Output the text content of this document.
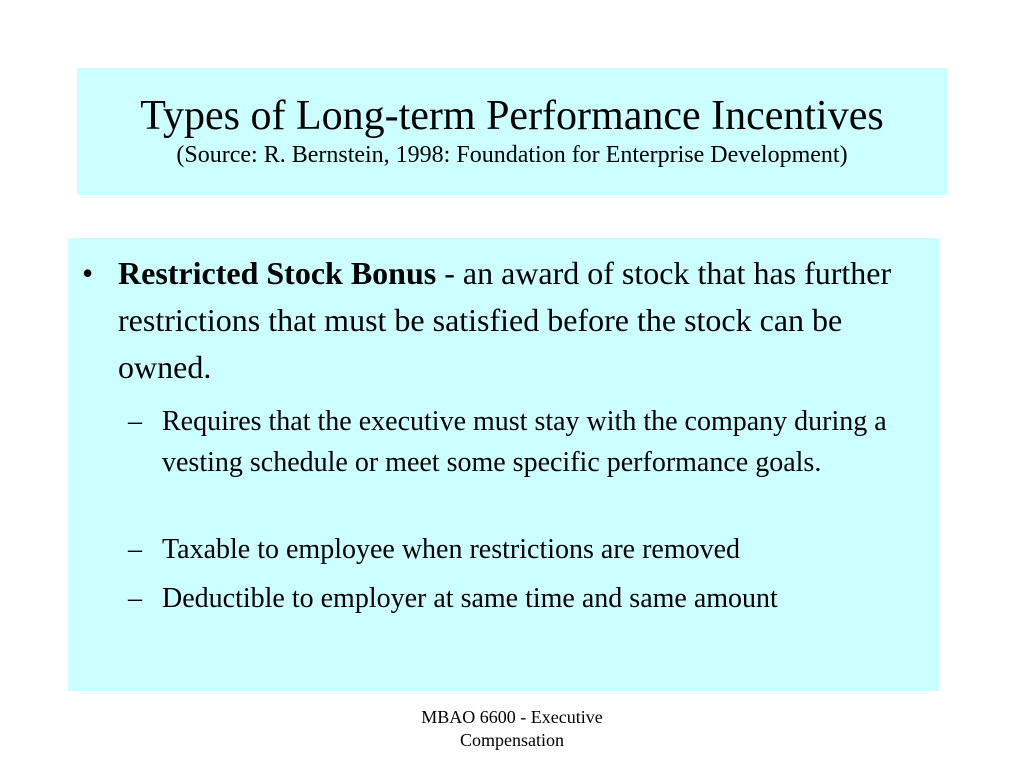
Types of Long-term Performance Incentives
(Source: R. Bernstein, 1998: Foundation for Enterprise Development)
• Restricted Stock Bonus - an award of stock that has further restrictions that must be satisfied before the stock can be owned.
– Requires that the executive must stay with the company during a vesting schedule or meet some specific performance goals.
– Taxable to employee when restrictions are removed
– Deductible to employer at same time and same amount
MBAO 6600 - Executive
Compensation
